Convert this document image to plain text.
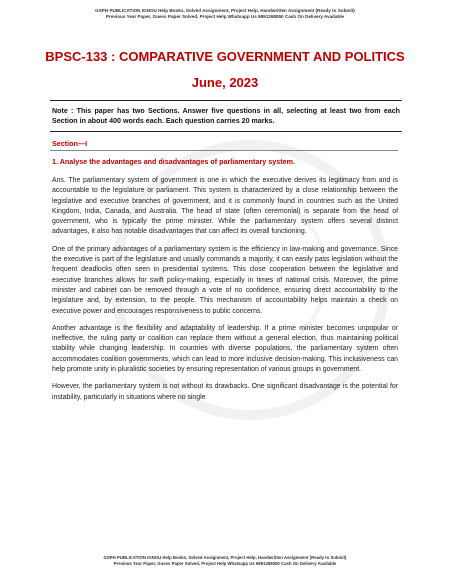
GSPH PUBLICATION IGNOU Help Books, Solved Assignment, Project Help, Handwritten Assignment (Ready to Submit)
Previous Year Paper, Guess Paper Solved, Project Help Whatsapp Us 9891268050 Cash On Delivery Available
BPSC-133 : COMPARATIVE GOVERNMENT AND POLITICS
June, 2023
Note : This paper has two Sections. Answer five questions in all, selecting at least two from each Section in about 400 words each. Each question carries 20 marks.
Section—I
1. Analyse the advantages and disadvantages of parliamentary system.

Ans. The parliamentary system of government is one in which the executive derives its legitimacy from and is accountable to the legislature or parliament. This system is characterized by a close relationship between the legislative and executive branches of government, and it is commonly found in countries such as the United Kingdom, India, Canada, and Australia. The head of state (often ceremonial) is separate from the head of government, who is typically the prime minister. While the parliamentary system offers several distinct advantages, it also has notable disadvantages that can affect its overall functioning.

One of the primary advantages of a parliamentary system is the efficiency in law-making and governance. Since the executive is part of the legislature and usually commands a majority, it can easily pass legislation without the frequent deadlocks often seen in presidential systems. This close cooperation between the legislative and executive branches allows for swift policy-making, especially in times of national crisis. Moreover, the prime minister and cabinet can be removed through a vote of no confidence, ensuring direct accountability to the legislature and, by extension, to the people. This mechanism of accountability helps maintain a check on executive power and encourages responsiveness to public concerns.

Another advantage is the flexibility and adaptability of leadership. If a prime minister becomes unpopular or ineffective, the ruling party or coalition can replace them without a general election, thus maintaining political stability while changing leadership. In countries with diverse populations, the parliamentary system often accommodates coalition governments, which can lead to more inclusive decision-making. This inclusiveness can help promote unity in pluralistic societies by ensuring representation of various groups in government.

However, the parliamentary system is not without its drawbacks. One significant disadvantage is the potential for instability, particularly in situations where no single

GSPH PUBLICATION IGNOU Help Books, Solved Assignment, Project Help, Handwritten Assignment (Ready to Submit)
Previous Year Paper, Guess Paper Solved, Project Help Whatsapp Us 9891268050 Cash On Delivery Available
